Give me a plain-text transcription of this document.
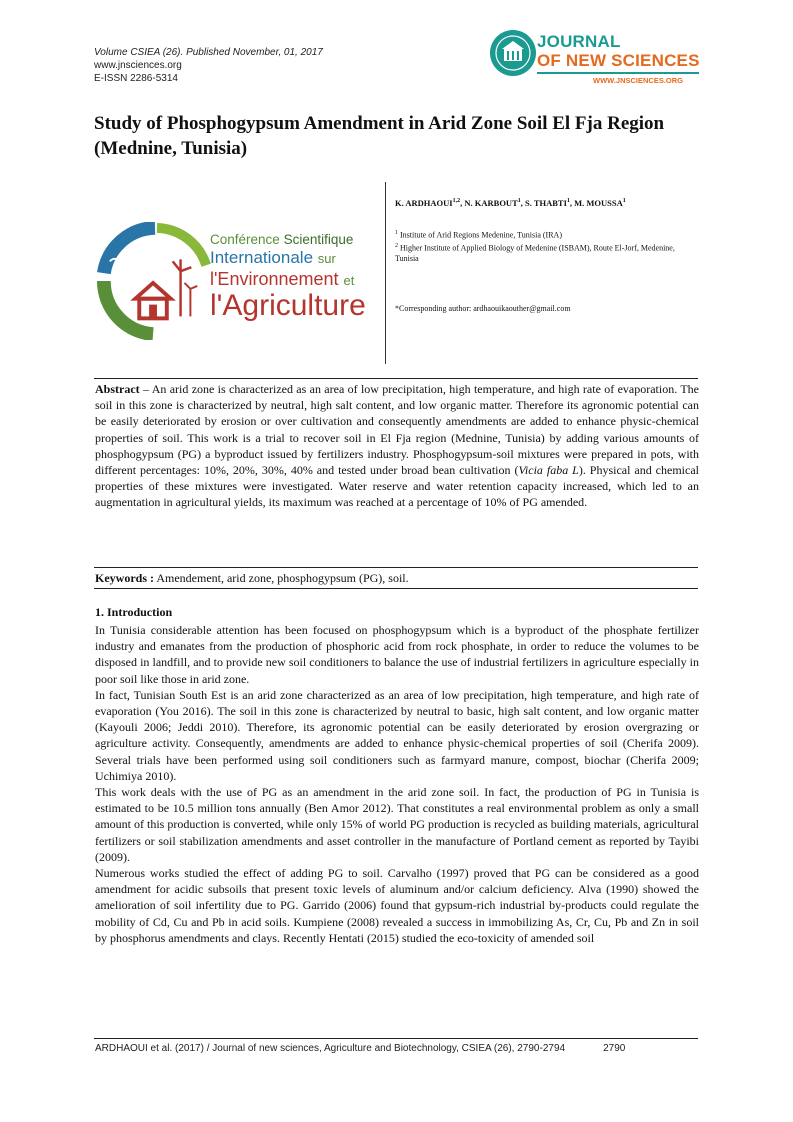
Volume CSIEA (26). Published November, 01, 2017
www.jnsciences.org
E-ISSN 2286-5314
JOURNAL
OF NEW SCIENCES
WWW.JNSCIENCES.ORG
Study of Phosphogypsum Amendment in Arid Zone Soil El Fja Region (Mednine, Tunisia)
Conférence Scientifique
Internationale sur
l'Environnement et
l'Agriculture
K. ARDHAOUI$^{1,2}$, N. KARBOUT$^1$, S. THABTI$^1$, M. MOUSSA$^1$
$^1$ Institute of Arid Regions Medenine, Tunisia (IRA)
$^2$ Higher Institute of Applied Biology of Medenine (ISBAM), Route El-Jorf, Medenine, Tunisia
*Corresponding author: ardhaouikaouther@gmail.com
Abstract – An arid zone is characterized as an area of low precipitation, high temperature, and high rate of evaporation. The soil in this zone is characterized by neutral, high salt content, and low organic matter. Therefore its agronomic potential can be easily deteriorated by erosion or over cultivation and consequently amendments are added to enhance physic-chemical properties of soil. This work is a trial to recover soil in El Fja region (Mednine, Tunisia) by adding various amounts of phosphogypsum (PG) a byproduct issued by fertilizers industry. Phosphogypsum-soil mixtures were prepared in pots, with different percentages: 10%, 20%, 30%, 40% and tested under broad bean cultivation (Vicia faba L). Physical and chemical properties of these mixtures were investigated. Water reserve and water retention capacity increased, which led to an augmentation in agricultural yields, its maximum was reached at a percentage of 10% of PG amended.
Keywords : Amendement, arid zone, phosphogypsum (PG), soil.
1. Introduction
In Tunisia considerable attention has been focused on phosphogypsum which is a byproduct of the phosphate fertilizer industry and emanates from the production of phosphoric acid from rock phosphate, in order to reduce the volumes to be disposed in landfill, and to provide new soil conditioners to balance the use of industrial fertilizers in agriculture especially in poor soil like those in arid zone.
In fact, Tunisian South Est is an arid zone characterized as an area of low precipitation, high temperature, and high rate of evaporation (You 2016). The soil in this zone is characterized by neutral to basic, high salt content, and low organic matter (Kayouli 2006; Jeddi 2010). Therefore, its agronomic potential can be easily deteriorated by erosion overgrazing or agriculture activity. Consequently, amendments are added to enhance physic-chemical properties of soil (Cherifa 2009). Several trials have been performed using soil conditioners such as farmyard manure, compost, biochar (Cherifa 2009; Uchimiya 2010).
This work deals with the use of PG as an amendment in the arid zone soil. In fact, the production of PG in Tunisia is estimated to be 10.5 million tons annually (Ben Amor 2012). That constitutes a real environmental problem as only a small amount of this production is converted, while only 15% of world PG production is recycled as building materials, agricultural fertilizers or soil stabilization amendments and asset controller in the manufacture of Portland cement as reported by Tayibi (2009).
Numerous works studied the effect of adding PG to soil. Carvalho (1997) proved that PG can be considered as a good amendment for acidic subsoils that present toxic levels of aluminum and/or calcium deficiency. Alva (1990) showed the amelioration of soil infertility due to PG. Garrido (2006) found that gypsum-rich industrial by-products could regulate the mobility of Cd, Cu and Pb in acid soils. Kumpiene (2008) revealed a success in immobilizing As, Cr, Cu, Pb and Zn in soil by phosphorus amendments and clays. Recently Hentati (2015) studied the eco-toxicity of amended soil
ARDHAOUI et al. (2017) / Journal of new sciences, Agriculture and Biotechnology, CSIEA (26), 2790-2794	2790
